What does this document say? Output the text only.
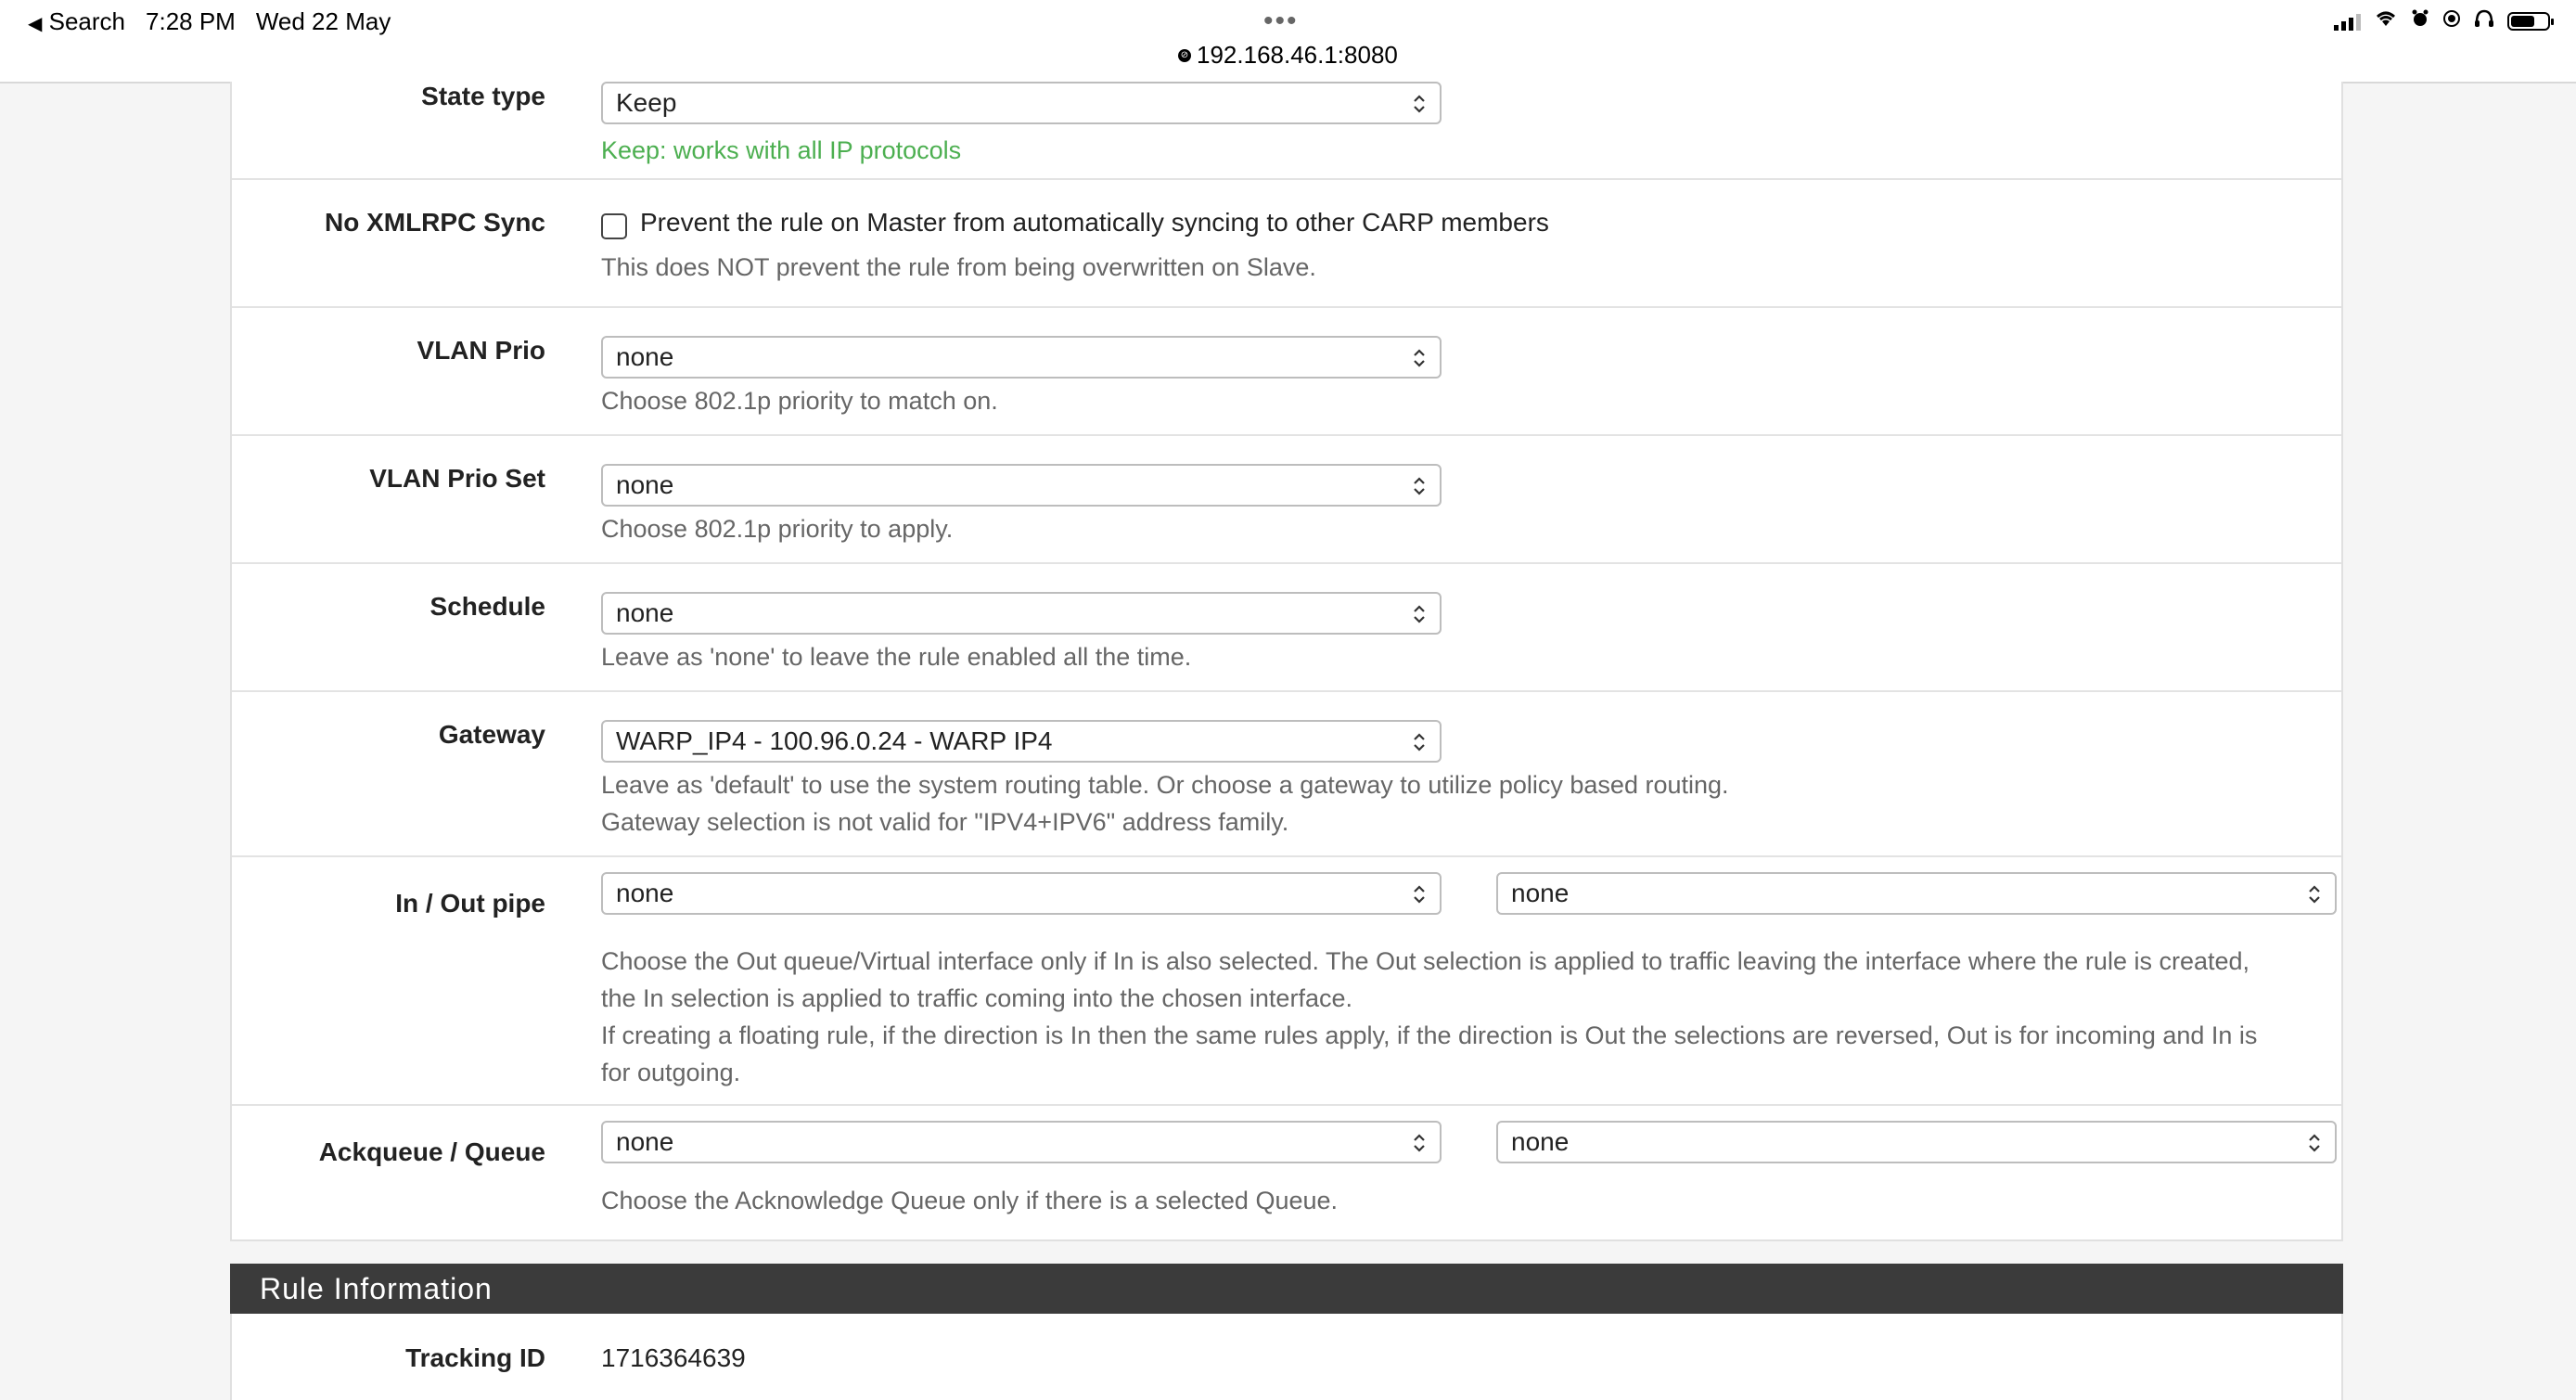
◀ Search 7:28 PM Wed 22 May	•••
⊘ 192.168.46.1:8080
State type	Keep
Keep: works with all IP protocols
No XMLRPC Sync	Prevent the rule on Master from automatically syncing to other CARP members
This does NOT prevent the rule from being overwritten on Slave.
VLAN Prio	none
Choose 802.1p priority to match on.
VLAN Prio Set	none
Choose 802.1p priority to apply.
Schedule	none
Leave as 'none' to leave the rule enabled all the time.
Gateway	WARP_IP4 - 100.96.0.24 - WARP IP4
Leave as 'default' to use the system routing table. Or choose a gateway to utilize policy based routing.
Gateway selection is not valid for "IPV4+IPV6" address family.
In / Out pipe	none	none
Choose the Out queue/Virtual interface only if In is also selected. The Out selection is applied to traffic leaving the interface where the rule is created,
the In selection is applied to traffic coming into the chosen interface.
If creating a floating rule, if the direction is In then the same rules apply, if the direction is Out the selections are reversed, Out is for incoming and In is
for outgoing.
Ackqueue / Queue	none	none
Choose the Acknowledge Queue only if there is a selected Queue.
Rule Information
Tracking ID 1716364639
